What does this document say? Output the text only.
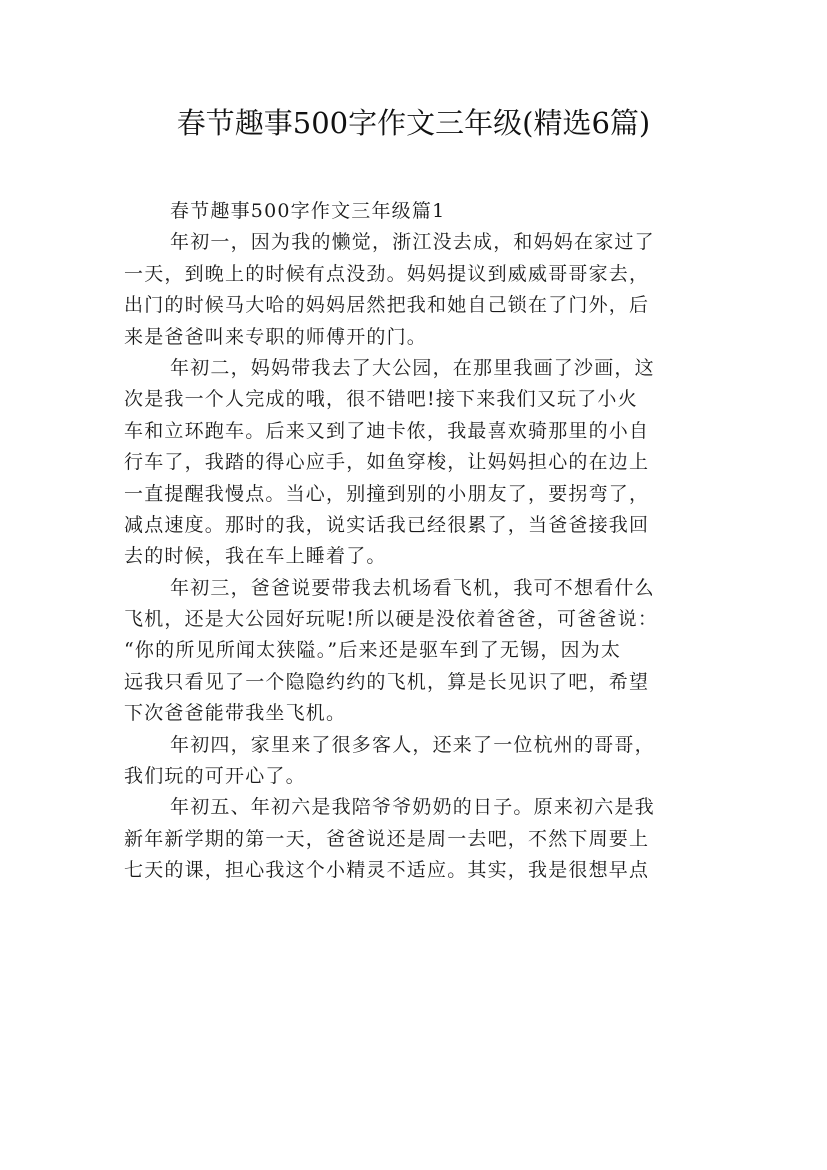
春节趣事500字作文三年级(精选6篇)
春节趣事500字作文三年级篇1
年初一，因为我的懒觉，浙江没去成，和妈妈在家过了
一天，到晚上的时候有点没劲。妈妈提议到威威哥哥家去，
出门的时候马大哈的妈妈居然把我和她自己锁在了门外，后
来是爸爸叫来专职的师傅开的门。
年初二，妈妈带我去了大公园，在那里我画了沙画，这
次是我一个人完成的哦，很不错吧!接下来我们又玩了小火
车和立环跑车。后来又到了迪卡侬，我最喜欢骑那里的小自
行车了，我踏的得心应手，如鱼穿梭，让妈妈担心的在边上
一直提醒我慢点。当心，别撞到别的小朋友了，要拐弯了，
减点速度。那时的我，说实话我已经很累了，当爸爸接我回
去的时候，我在车上睡着了。
年初三，爸爸说要带我去机场看飞机，我可不想看什么
飞机，还是大公园好玩呢!所以硬是没依着爸爸，可爸爸说：
“你的所见所闻太狭隘。”后来还是驱车到了无锡，因为太
远我只看见了一个隐隐约约的飞机，算是长见识了吧，希望
下次爸爸能带我坐飞机。
年初四，家里来了很多客人，还来了一位杭州的哥哥，
我们玩的可开心了。
年初五、年初六是我陪爷爷奶奶的日子。原来初六是我
新年新学期的第一天，爸爸说还是周一去吧，不然下周要上
七天的课，担心我这个小精灵不适应。其实，我是很想早点
